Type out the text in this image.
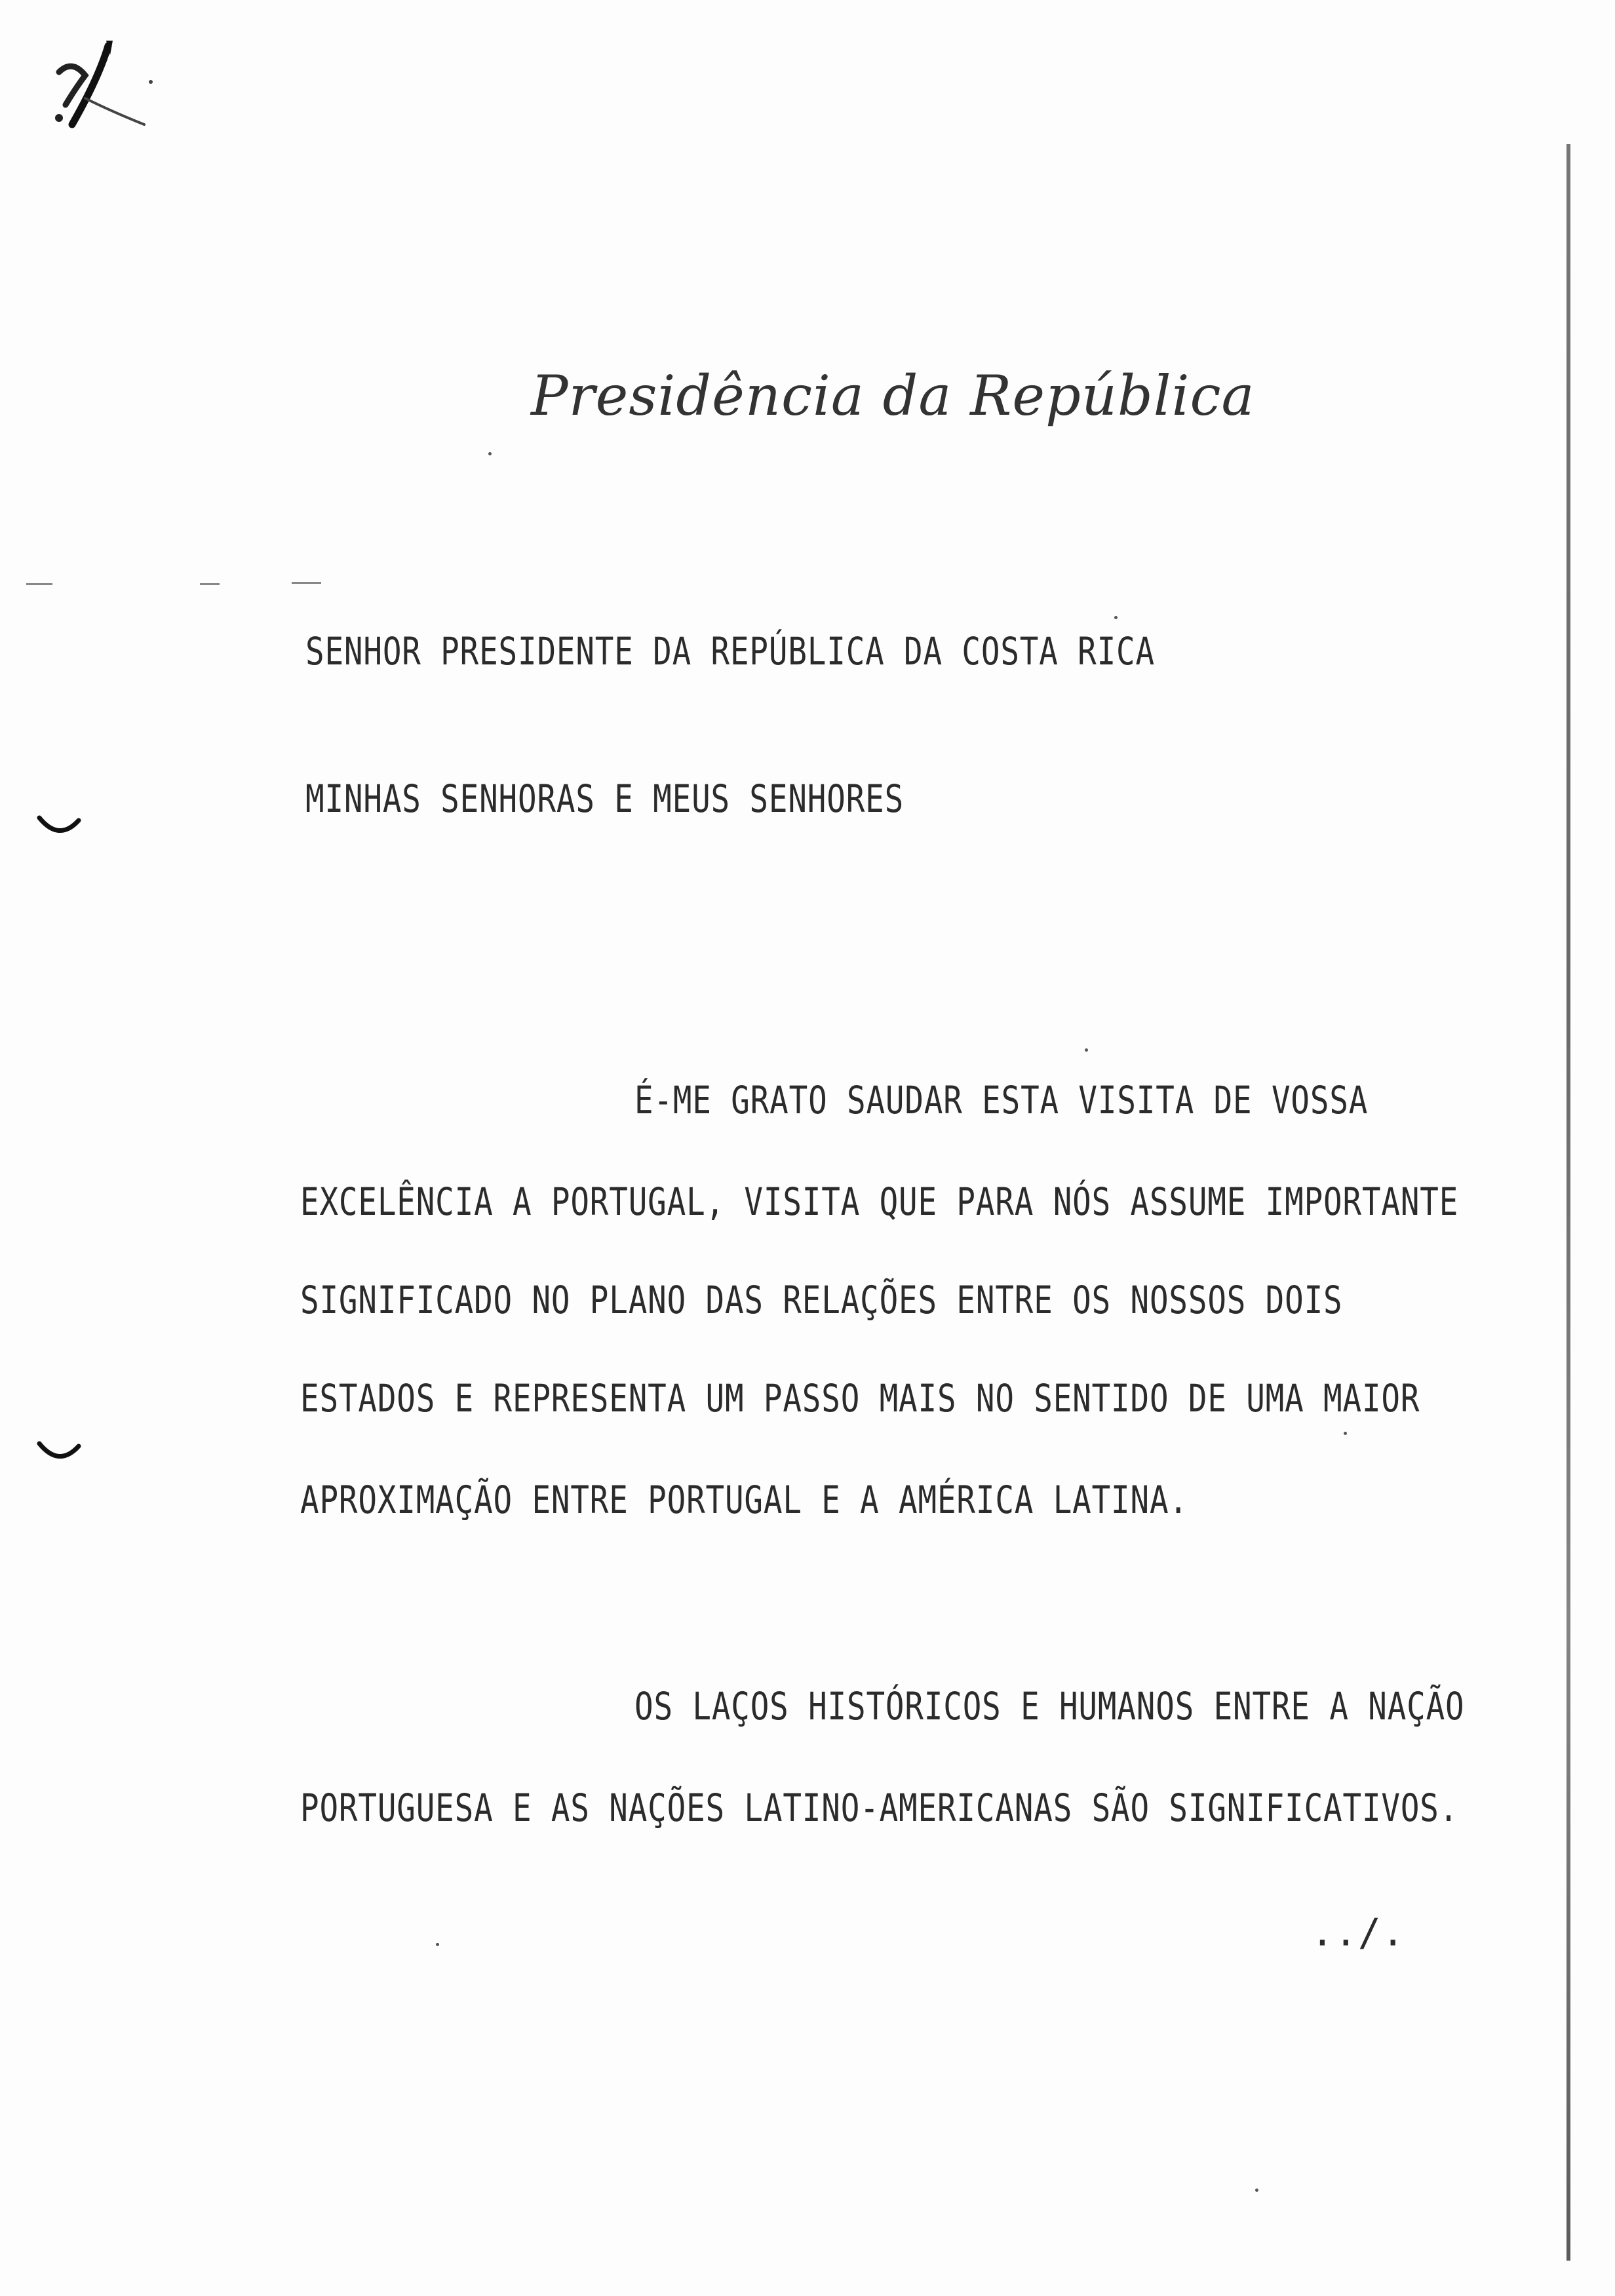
Presidência da República
SENHOR PRESIDENTE DA REPÚBLICA DA COSTA RICA
MINHAS SENHORAS E MEUS SENHORES
É-ME GRATO SAUDAR ESTA VISITA DE VOSSA
EXCELÊNCIA A PORTUGAL, VISITA QUE PARA NÓS ASSUME IMPORTANTE
SIGNIFICADO NO PLANO DAS RELAÇÕES ENTRE OS NOSSOS DOIS
ESTADOS E REPRESENTA UM PASSO MAIS NO SENTIDO DE UMA MAIOR
APROXIMAÇÃO ENTRE PORTUGAL E A AMÉRICA LATINA.
OS LAÇOS HISTÓRICOS E HUMANOS ENTRE A NAÇÃO
PORTUGUESA E AS NAÇÕES LATINO-AMERICANAS SÃO SIGNIFICATIVOS.
../.
